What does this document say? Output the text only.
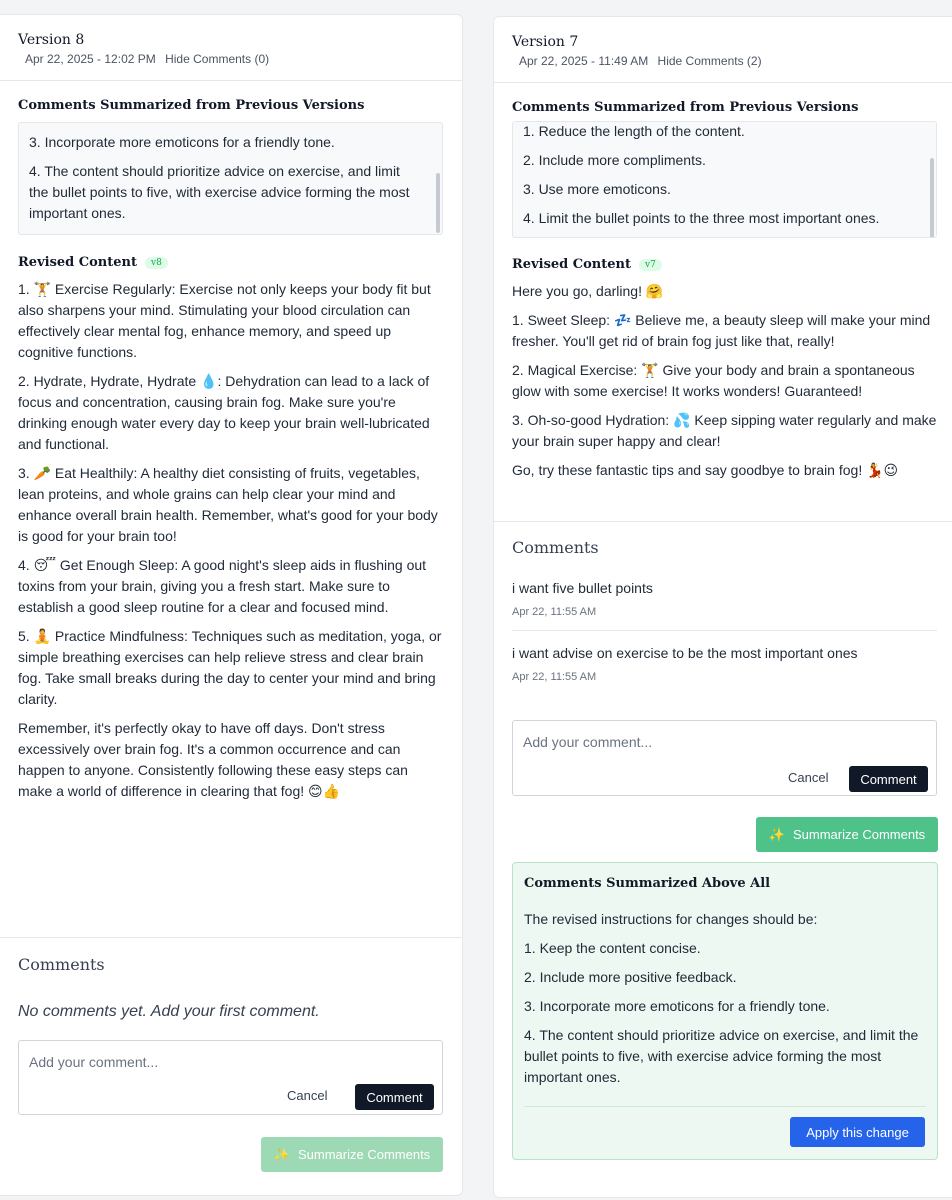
Version 8
Apr 22, 2025 - 12:02 PM Hide Comments (0)
Comments Summarized from Previous Versions

3. Incorporate more emoticons for a friendly tone.

4. The content should prioritize advice on exercise, and limit the bullet points to five, with exercise advice forming the most important ones.

Revised Content v8

1. 🏋️ Exercise Regularly: Exercise not only keeps your body fit but also sharpens your mind. Stimulating your blood circulation can effectively clear mental fog, enhance memory, and speed up cognitive functions.

2. Hydrate, Hydrate, Hydrate 💧: Dehydration can lead to a lack of focus and concentration, causing brain fog. Make sure you're drinking enough water every day to keep your brain well-lubricated and functional.

3. 🥕 Eat Healthily: A healthy diet consisting of fruits, vegetables, lean proteins, and whole grains can help clear your mind and enhance overall brain health. Remember, what's good for your body is good for your brain too!

4. 😴 Get Enough Sleep: A good night's sleep aids in flushing out toxins from your brain, giving you a fresh start. Make sure to establish a good sleep routine for a clear and focused mind.

5. 🧘 Practice Mindfulness: Techniques such as meditation, yoga, or simple breathing exercises can help relieve stress and clear brain fog. Take small breaks during the day to center your mind and bring clarity.

Remember, it's perfectly okay to have off days. Don't stress excessively over brain fog. It's a common occurrence and can happen to anyone. Consistently following these easy steps can make a world of difference in clearing that fog! 😊👍

Comments
No comments yet. Add your first comment.
Add your comment...
Cancel	Comment
✨ Summarize Comments
Version 7
Apr 22, 2025 - 11:49 AM Hide Comments (2)
Comments Summarized from Previous Versions

1. Reduce the length of the content.

2. Include more compliments.

3. Use more emoticons.

4. Limit the bullet points to the three most important ones.

Revised Content v7

Here you go, darling! 🤗

1. Sweet Sleep: 💤 Believe me, a beauty sleep will make your mind fresher. You'll get rid of brain fog just like that, really!

2. Magical Exercise: 🏋️ Give your body and brain a spontaneous glow with some exercise! It works wonders! Guaranteed!

3. Oh-so-good Hydration: 💦 Keep sipping water regularly and make your brain super happy and clear!

Go, try these fantastic tips and say goodbye to brain fog! 💃😉

Comments
i want five bullet points
Apr 22, 11:55 AM
i want advise on exercise to be the most important ones
Apr 22, 11:55 AM
Add your comment...
Cancel	Comment
✨ Summarize Comments
Comments Summarized Above All

The revised instructions for changes should be:

1. Keep the content concise.

2. Include more positive feedback.

3. Incorporate more emoticons for a friendly tone.

4. The content should prioritize advice on exercise, and limit the bullet points to five, with exercise advice forming the most important ones.

Apply this change
